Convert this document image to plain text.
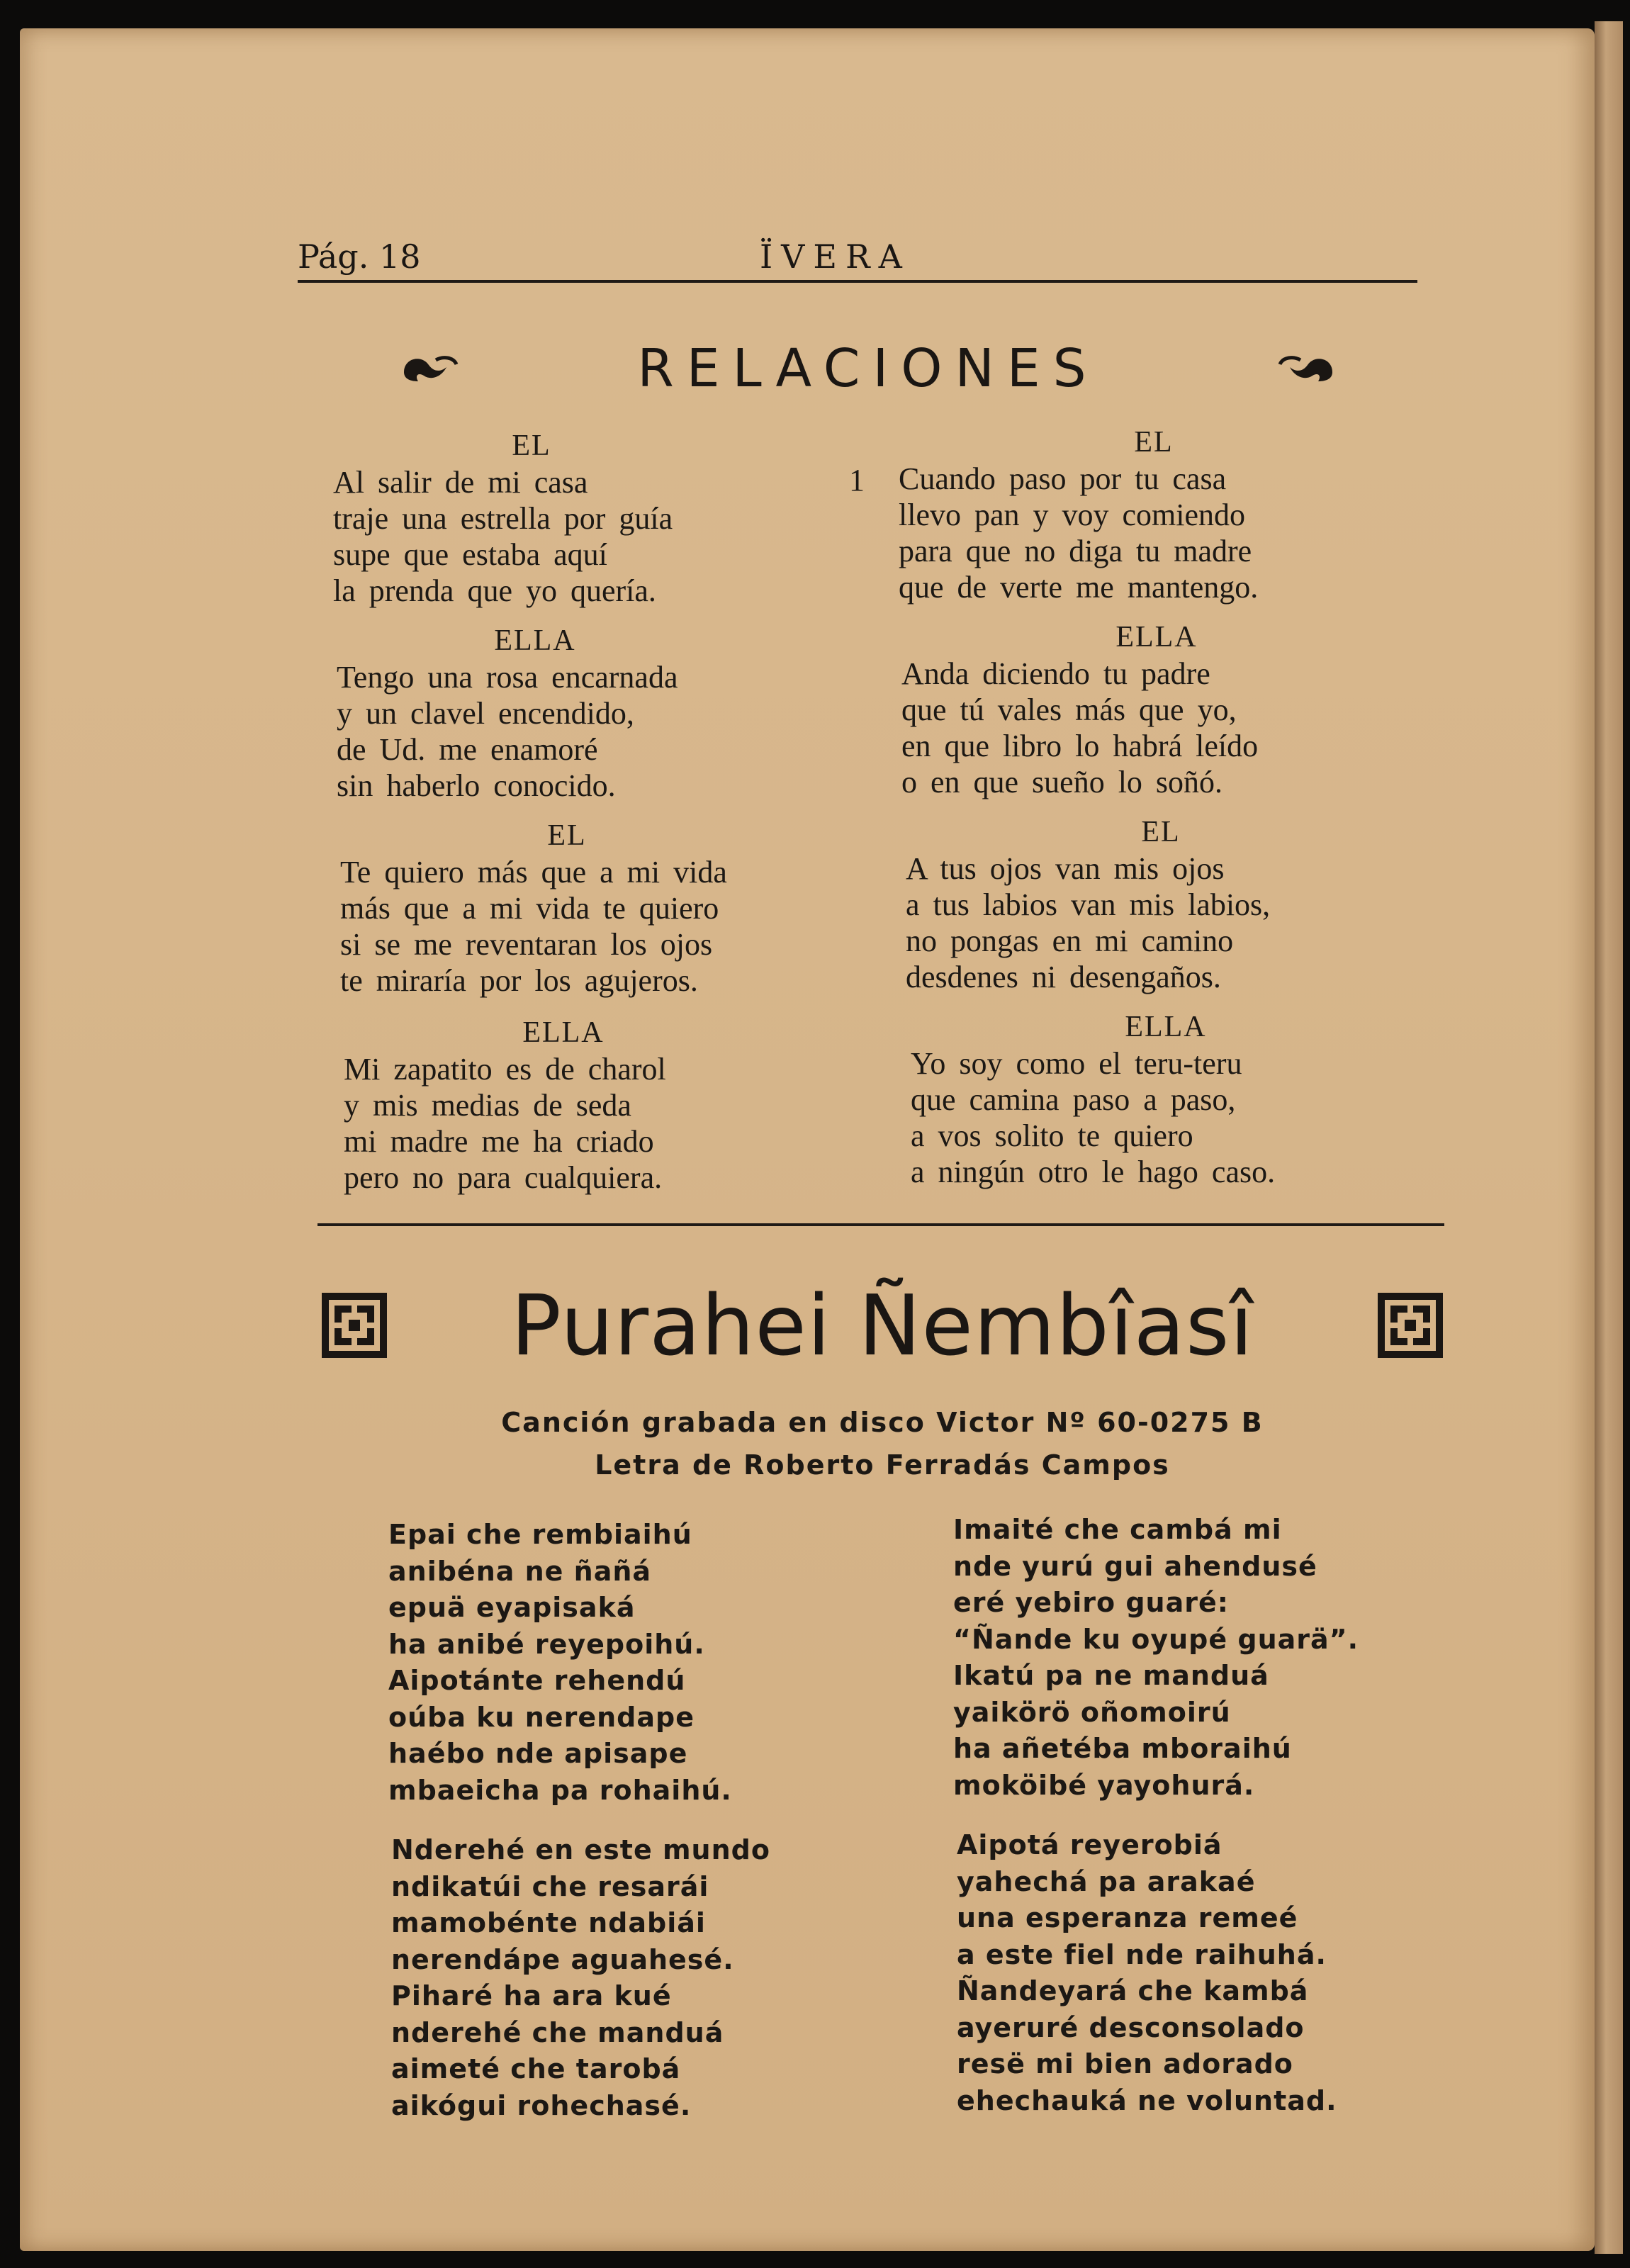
Pág. 18	ÏVERA
RELACIONES
1
EL
Al salir de mi casa
traje una estrella por guía
supe que estaba aquí
la prenda que yo quería.
ELLA
Tengo una rosa encarnada
y un clavel encendido,
de Ud. me enamoré
sin haberlo conocido.
EL
Te quiero más que a mi vida
más que a mi vida te quiero
si se me reventaran los ojos
te miraría por los agujeros.
ELLA
Mi zapatito es de charol
y mis medias de seda
mi madre me ha criado
pero no para cualquiera.
EL
Cuando paso por tu casa
llevo pan y voy comiendo
para que no diga tu madre
que de verte me mantengo.
ELLA
Anda diciendo tu padre
que tú vales más que yo,
en que libro lo habrá leído
o en que sueño lo soñó.
EL
A tus ojos van mis ojos
a tus labios van mis labios,
no pongas en mi camino
desdenes ni desengaños.
ELLA
Yo soy como el teru-teru
que camina paso a paso,
a vos solito te quiero
a ningún otro le hago caso.
Purahei Ñembîasî
Canción grabada en disco Victor Nº 60-0275 B
Letra de Roberto Ferradás Campos
Epai che rembiaihú
anibéna ne ñañá
epuä eyapisaká
ha anibé reyepoihú.
Aipotánte rehendú
oúba ku nerendape
haébo nde apisape
mbaeicha pa rohaihú.
Nderehé en este mundo
ndikatúi che resarái
mamobénte ndabiái
nerendápe aguahesé.
Piharé ha ara kué
nderehé che manduá
aimeté che tarobá
aikógui rohechasé.
Imaité che cambá mi
nde yurú gui ahendusé
eré yebiro guaré:
“Ñande ku oyupé guarä”.
Ikatú pa ne manduá
yaikörö oñomoirú
ha añetéba mboraihú
moköibé yayohurá.
Aipotá reyerobiá
yahechá pa arakaé
una esperanza remeé
a este fiel nde raihuhá.
Ñandeyará che kambá
ayeruré desconsolado
resë mi bien adorado
ehechauká ne voluntad.
